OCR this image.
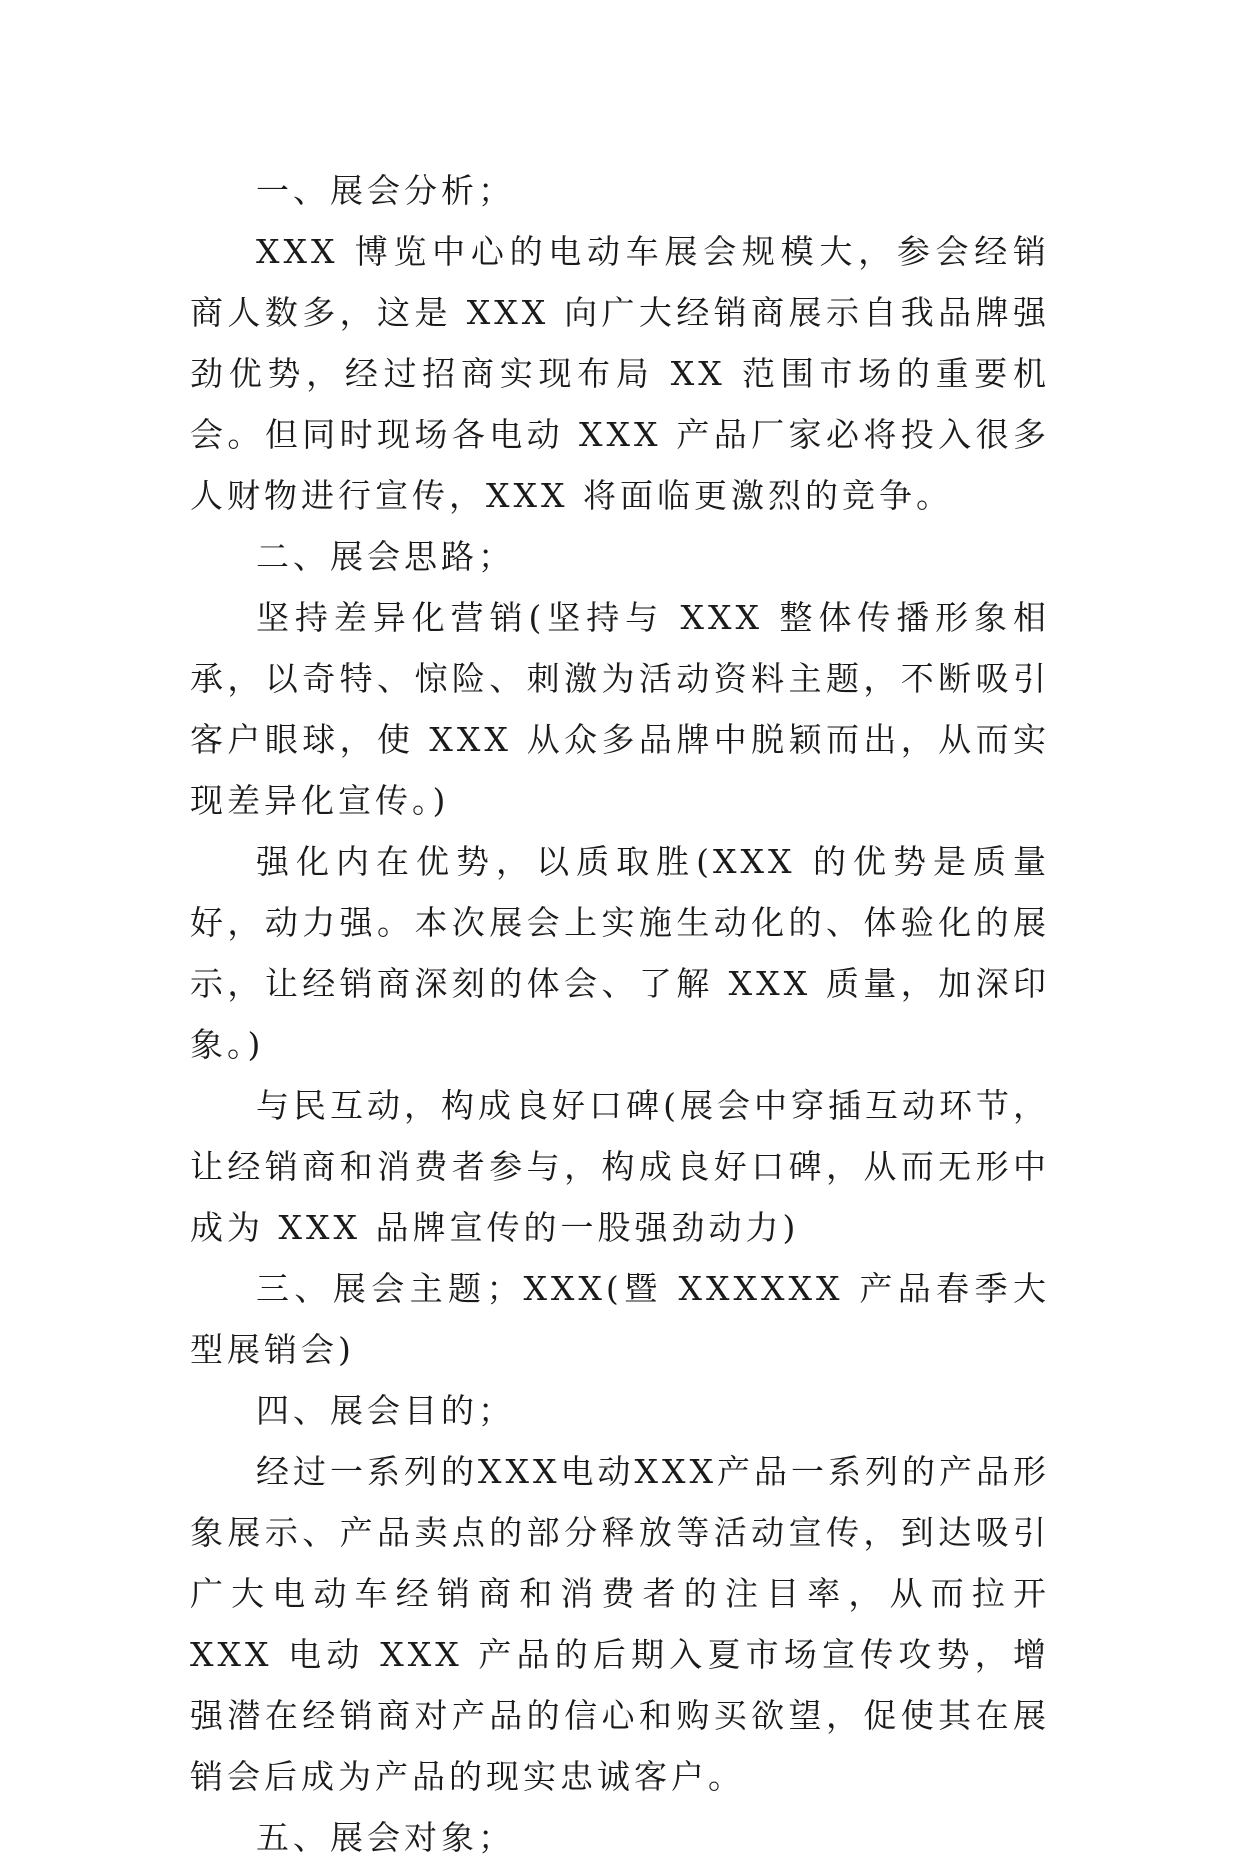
一、展会分析；

XXX 博览中心的电动车展会规模大，参会经销商人数多，这是 XXX 向广大经销商展示自我品牌强劲优势，经过招商实现布局 XX 范围市场的重要机会。但同时现场各电动 XXX 产品厂家必将投入很多人财物进行宣传，XXX 将面临更激烈的竞争。

二、展会思路；

坚持差异化营销(坚持与 XXX 整体传播形象相承，以奇特、惊险、刺激为活动资料主题，不断吸引客户眼球，使 XXX 从众多品牌中脱颖而出，从而实现差异化宣传。)

强化内在优势，以质取胜(XXX 的优势是质量好，动力强。本次展会上实施生动化的、体验化的展示，让经销商深刻的体会、了解 XXX 质量，加深印象。)

与民互动，构成良好口碑(展会中穿插互动环节，让经销商和消费者参与，构成良好口碑，从而无形中成为 XXX 品牌宣传的一股强劲动力)

三、展会主题；XXX(暨 XXXXXX 产品春季大型展销会)

四、展会目的；

经过一系列的XXX电动XXX产品一系列的产品形象展示、产品卖点的部分释放等活动宣传，到达吸引广大电动车经销商和消费者的注目率，从而拉开 XXX 电动 XXX 产品的后期入夏市场宣传攻势，增强潜在经销商对产品的信心和购买欲望，促使其在展销会后成为产品的现实忠诚客户。

五、展会对象；
